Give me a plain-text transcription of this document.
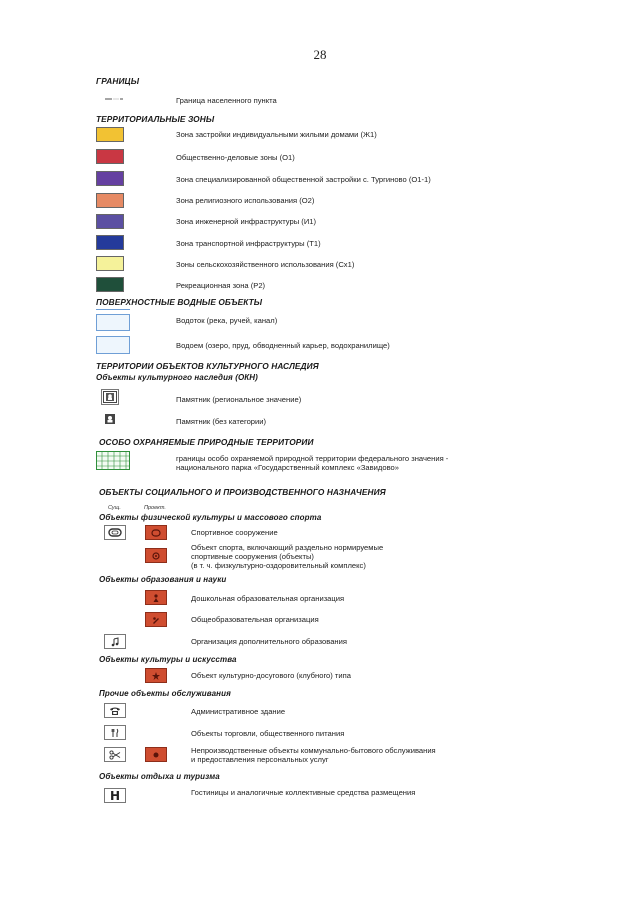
28
ГРАНИЦЫ
Граница населенного пункта
ТЕРРИТОРИАЛЬНЫЕ ЗОНЫ
Зона застройки индивидуальными жилыми домами (Ж1)
Общественно-деловые зоны (О1)
Зона специализированной общественной застройки с. Тургиново (О1-1)
Зона религиозного использования (О2)
Зона инженерной инфраструктуры (И1)
Зона транспортной инфраструктуры (Т1)
Зоны сельскохозяйственного использования (Сх1)
Рекреационная зона (Р2)
ПОВЕРХНОСТНЫЕ ВОДНЫЕ ОБЪЕКТЫ
Водоток (река, ручей, канал)
Водоем (озеро, пруд, обводненный карьер, водохранилище)
ТЕРРИТОРИИ ОБЪЕКТОВ КУЛЬТУРНОГО НАСЛЕДИЯ
Объекты культурного наследия (ОКН)
Памятник (региональное значение)
Памятник (без категории)
ОСОБО ОХРАНЯЕМЫЕ ПРИРОДНЫЕ ТЕРРИТОРИИ
границы особо охраняемой природной территории федерального значения -
национального парка «Государственный комплекс «Завидово»
ОБЪЕКТЫ СОЦИАЛЬНОГО И ПРОИЗВОДСТВЕННОГО НАЗНАЧЕНИЯ
Сущ.	Проект.
Объекты физической культуры и массового спорта
Спортивное сооружение
Объект спорта, включающий раздельно нормируемые
спортивные сооружения (объекты)
(в т. ч. физкультурно-оздоровительный комплекс)
Объекты образования и науки
Дошкольная образовательная организация
Общеобразовательная организация
Организация дополнительного образования
Объекты культуры и искусства
Объект культурно-досугового (клубного) типа
Прочие объекты обслуживания
Административное здание
Объекты торговли, общественного питания
Непроизводственные объекты коммунально-бытового обслуживания
и предоставления персональных услуг
Объекты отдыха и туризма
H	Гостиницы и аналогичные коллективные средства размещения
